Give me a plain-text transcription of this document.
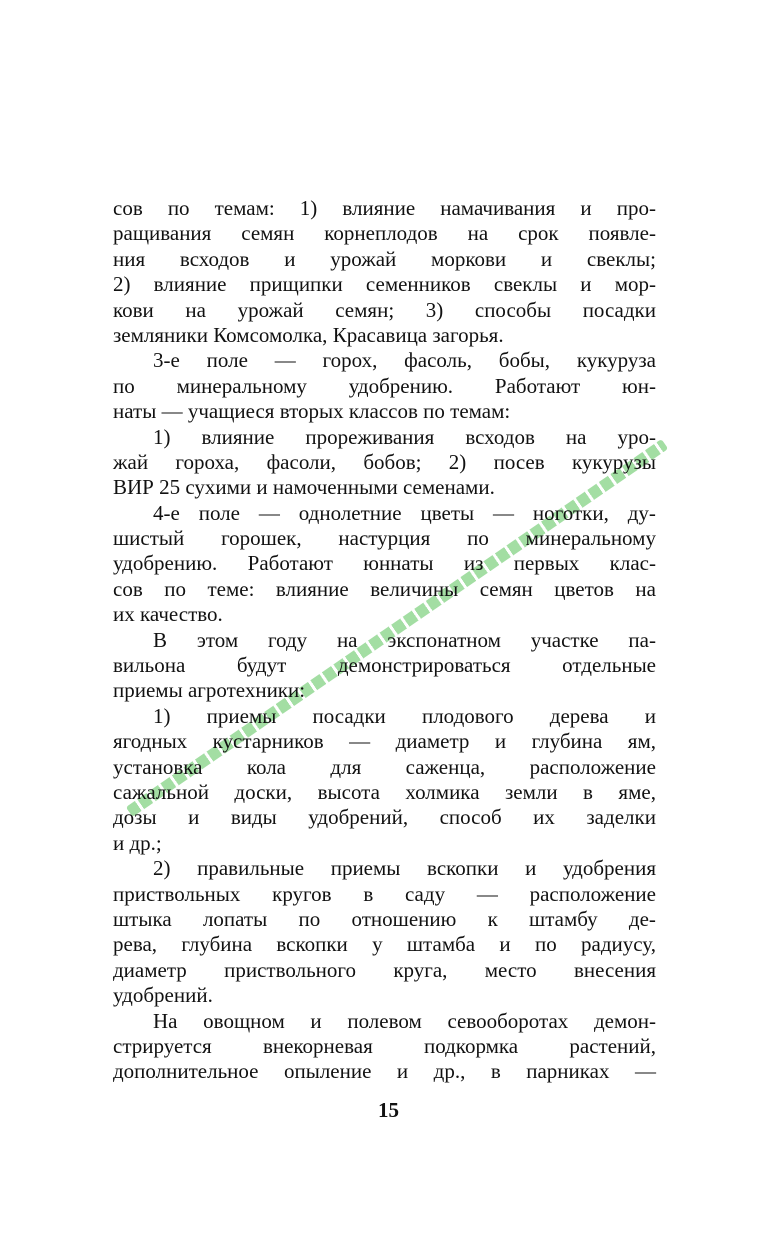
сов по темам: 1) влияние намачивания и про-
ращивания семян корнеплодов на срок появле-
ния всходов и урожай моркови и свеклы;
2) влияние прищипки семенников свеклы и мор-
кови на урожай семян; 3) способы посадки
земляники Комсомолка, Красавица загорья.
3-е поле — горох, фасоль, бобы, кукуруза
по минеральному удобрению. Работают юн-
наты — учащиеся вторых классов по темам:
1) влияние прореживания всходов на уро-
жай гороха, фасоли, бобов; 2) посев кукурузы
ВИР 25 сухими и намоченными семенами.
4-е поле — однолетние цветы — ноготки, ду-
шистый горошек, настурция по минеральному
удобрению. Работают юннаты из первых клас-
сов по теме: влияние величины семян цветов на
их качество.
В этом году на экспонатном участке па-
вильона будут демонстрироваться отдельные
приемы агротехники:
1) приемы посадки плодового дерева и
ягодных кустарников — диаметр и глубина ям,
установка кола для саженца, расположение
сажальной доски, высота холмика земли в яме,
дозы и виды удобрений, способ их заделки
и др.;
2) правильные приемы вскопки и удобрения
приствольных кругов в саду — расположение
штыка лопаты по отношению к штамбу де-
рева, глубина вскопки у штамба и по радиусу,
диаметр приствольного круга, место внесения
удобрений.
На овощном и полевом севооборотах демон-
стрируется внекорневая подкормка растений,
дополнительное опыление и др., в парниках —
15
